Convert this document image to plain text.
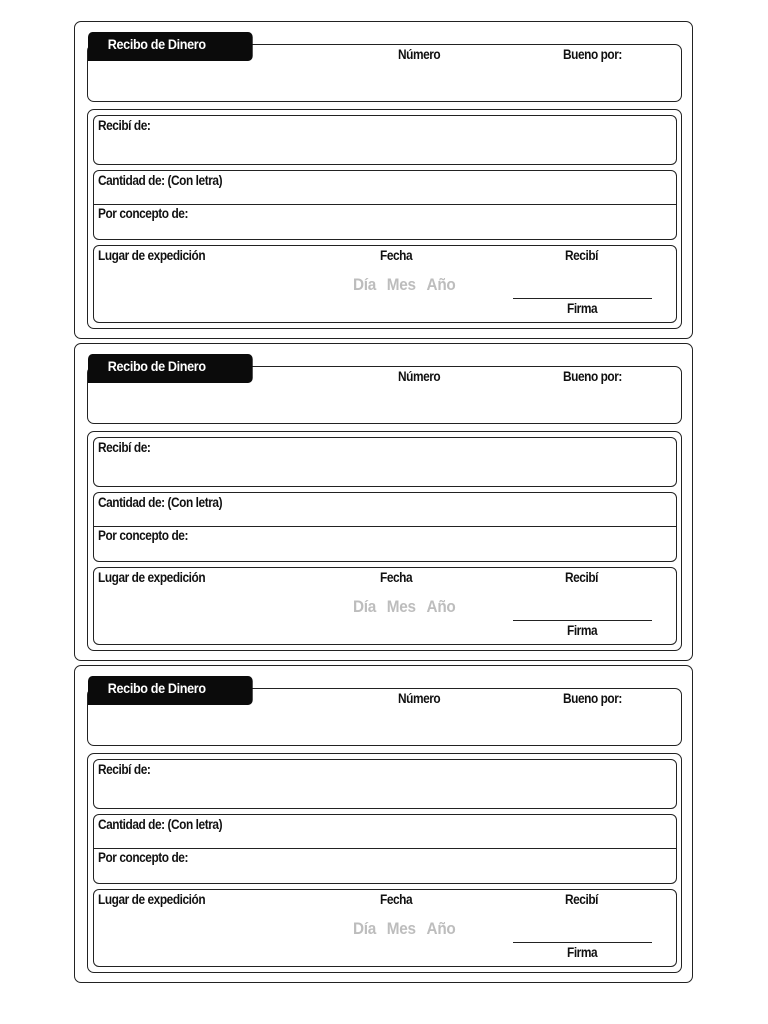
Recibo de Dinero
Número	Bueno por:
Recibí de:
Cantidad de: (Con letra)
Por concepto de:
Lugar de expedición	Fecha	Recibí
Día Mes Año
Firma
Recibo de Dinero
Número	Bueno por:
Recibí de:
Cantidad de: (Con letra)
Por concepto de:
Lugar de expedición	Fecha	Recibí
Día Mes Año
Firma
Recibo de Dinero
Número	Bueno por:
Recibí de:
Cantidad de: (Con letra)
Por concepto de:
Lugar de expedición	Fecha	Recibí
Día Mes Año
Firma
